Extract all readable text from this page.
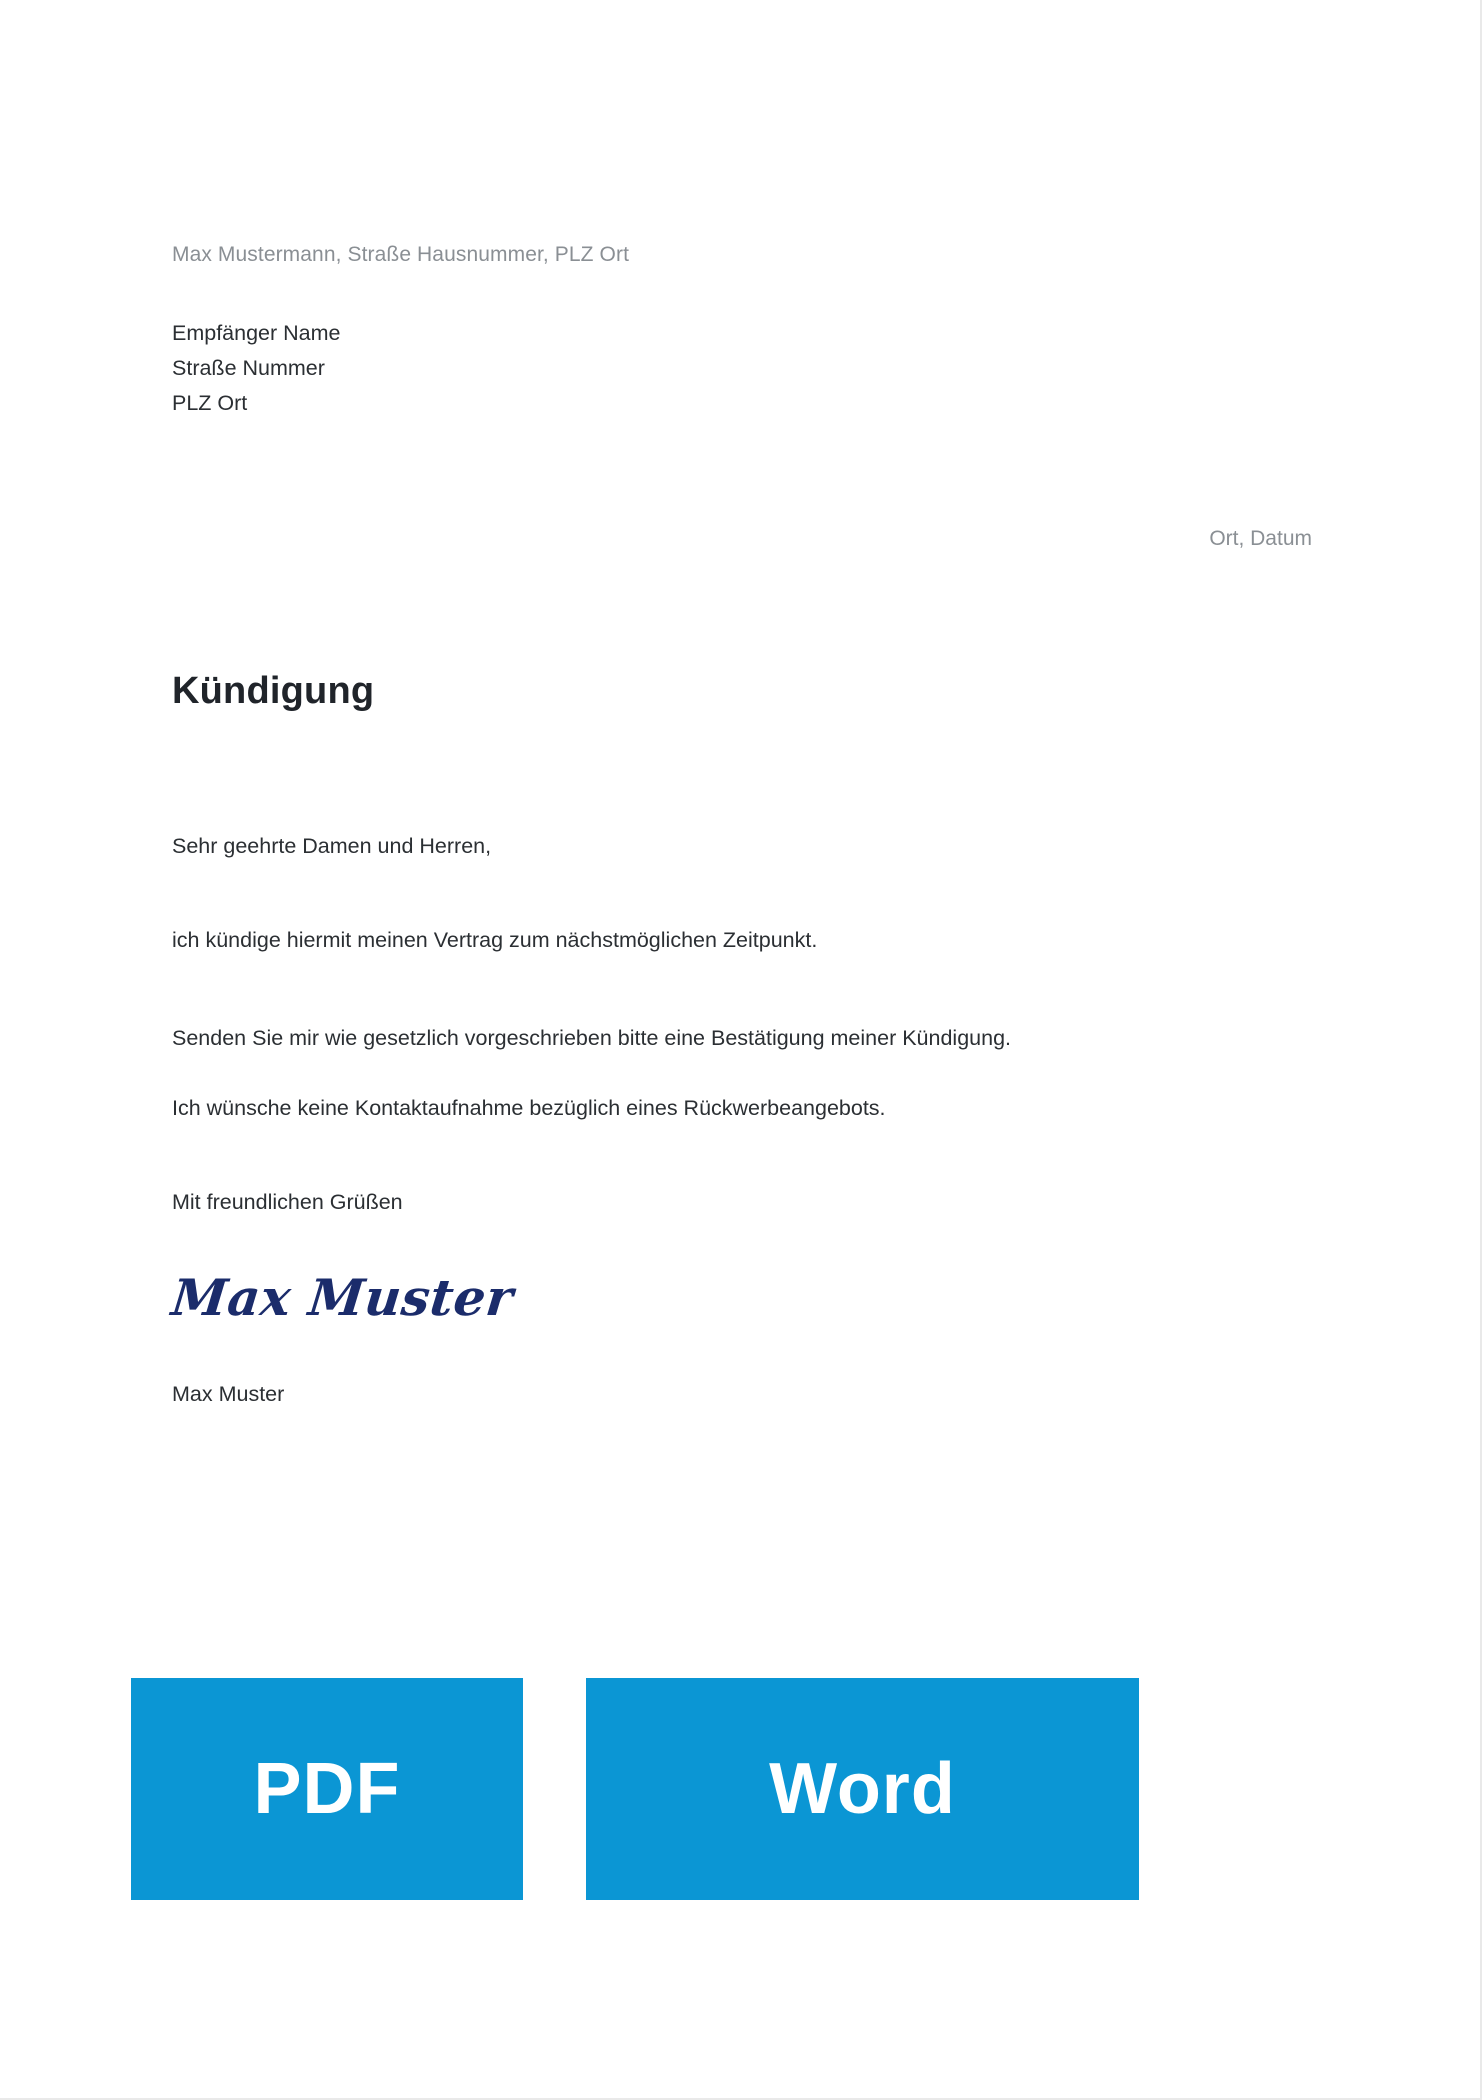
Max Mustermann, Straße Hausnummer, PLZ Ort
Empfänger Name
Straße Nummer
PLZ Ort
Ort, Datum
Kündigung

Sehr geehrte Damen und Herren,

ich kündige hiermit meinen Vertrag zum nächstmöglichen Zeitpunkt.

Senden Sie mir wie gesetzlich vorgeschrieben bitte eine Bestätigung meiner Kündigung.

Ich wünsche keine Kontaktaufnahme bezüglich eines Rückwerbeangebots.

Mit freundlichen Grüßen

Max Muster
Max Muster
PDF	Word
